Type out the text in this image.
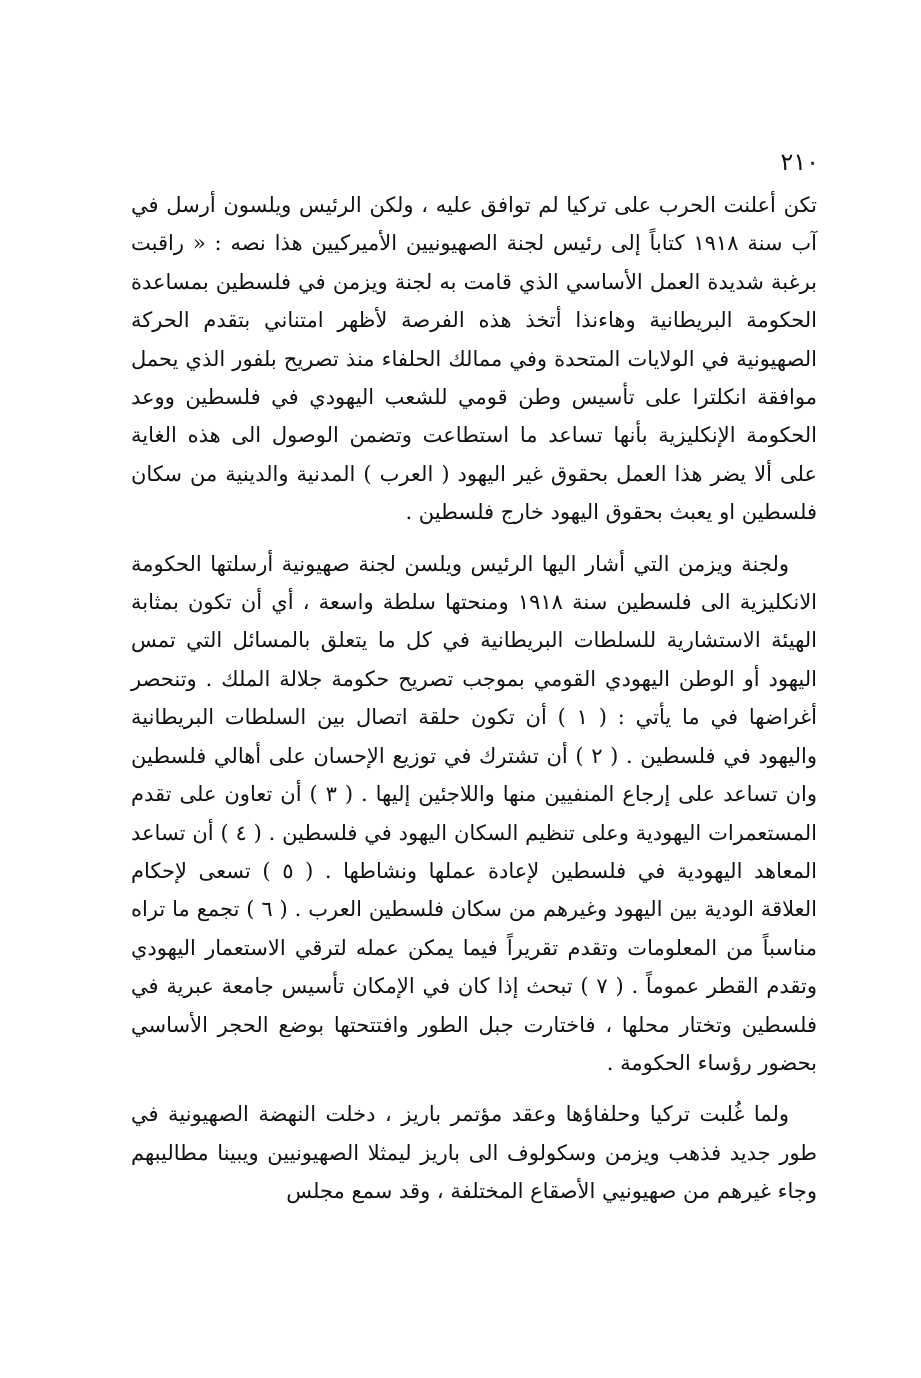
٢١٠

تكن أعلنت الحرب على تركيا لم توافق عليه ، ولكن الرئيس ويلسون أرسل في آب سنة ١٩١٨ كتاباً إلى رئيس لجنة الصهيونيين الأميركيين هذا نصه : « راقبت برغبة شديدة العمل الأساسي الذي قامت به لجنة ويزمن في فلسطين بمساعدة الحكومة البريطانية وهاءنذا أتخذ هذه الفرصة لأظهر امتناني بتقدم الحركة الصهيونية في الولايات المتحدة وفي ممالك الحلفاء منذ تصريح بلفور الذي يحمل موافقة انكلترا على تأسيس وطن قومي للشعب اليهودي في فلسطين ووعد الحكومة الإنكليزية بأنها تساعد ما استطاعت وتضمن الوصول الى هذه الغاية على ألا يضر هذا العمل بحقوق غير اليهود ( العرب ) المدنية والدينية من سكان فلسطين او يعبث بحقوق اليهود خارج فلسطين .

ولجنة ويزمن التي أشار اليها الرئيس ويلسن لجنة صهيونية أرسلتها الحكومة الانكليزية الى فلسطين سنة ١٩١٨ ومنحتها سلطة واسعة ، أي أن تكون بمثابة الهيئة الاستشارية للسلطات البريطانية في كل ما يتعلق بالمسائل التي تمس اليهود أو الوطن اليهودي القومي بموجب تصريح حكومة جلالة الملك . وتنحصر أغراضها في ما يأتي : ( ١ ) أن تكون حلقة اتصال بين السلطات البريطانية واليهود في فلسطين . ( ٢ ) أن تشترك في توزيع الإحسان على أهالي فلسطين وان تساعد على إرجاع المنفيين منها واللاجئين إليها . ( ٣ ) أن تعاون على تقدم المستعمرات اليهودية وعلى تنظيم السكان اليهود في فلسطين . ( ٤ ) أن تساعد المعاهد اليهودية في فلسطين لإعادة عملها ونشاطها . ( ٥ ) تسعى لإحكام العلاقة الودية بين اليهود وغيرهم من سكان فلسطين العرب . ( ٦ ) تجمع ما تراه مناسباً من المعلومات وتقدم تقريراً فيما يمكن عمله لترقي الاستعمار اليهودي وتقدم القطر عموماً . ( ٧ ) تبحث إذا كان في الإمكان تأسيس جامعة عبرية في فلسطين وتختار محلها ، فاختارت جبل الطور وافتتحتها بوضع الحجر الأساسي بحضور رؤساء الحكومة .

ولما غُلبت تركيا وحلفاؤها وعقد مؤتمر باريز ، دخلت النهضة الصهيونية في طور جديد فذهب ويزمن وسكولوف الى باريز ليمثلا الصهيونيين ويبينا مطاليبهم وجاء غيرهم من صهيونيي الأصقاع المختلفة ، وقد سمع مجلس
